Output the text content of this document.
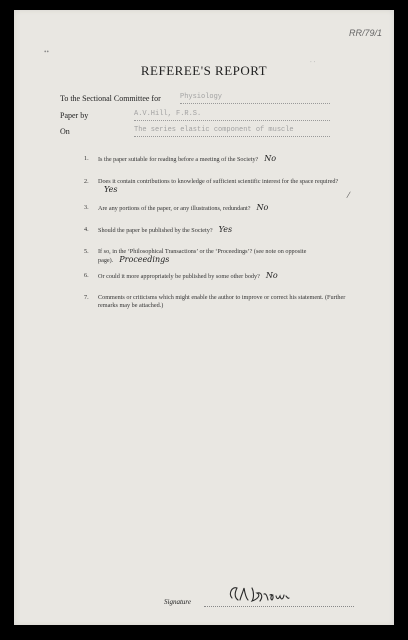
RR/79/1
••
∙ ∙
REFEREE'S REPORT
To the Sectional Committee for	Physiology
Paper by	A.V.Hill, F.R.S.
On	The series elastic component of muscle
1. Is the paper suitable for reading before a meeting of the Society? No
2. Does it contain contributions to knowledge of sufficient scientific interest for the space required?Yes
/
3. Are any portions of the paper, or any illustrations, redundant? No
4. Should the paper be published by the Society? Yes
5. If so, in the ‘Philosophical Transactions’ or the ‘Proceedings’? (see note on opposite page). Proceedings
6. Or could it more appropriately be published by some other body? No
7. Comments or criticisms which might enable the author to improve or correct his statement. (Further remarks may be attached.)
Signature
